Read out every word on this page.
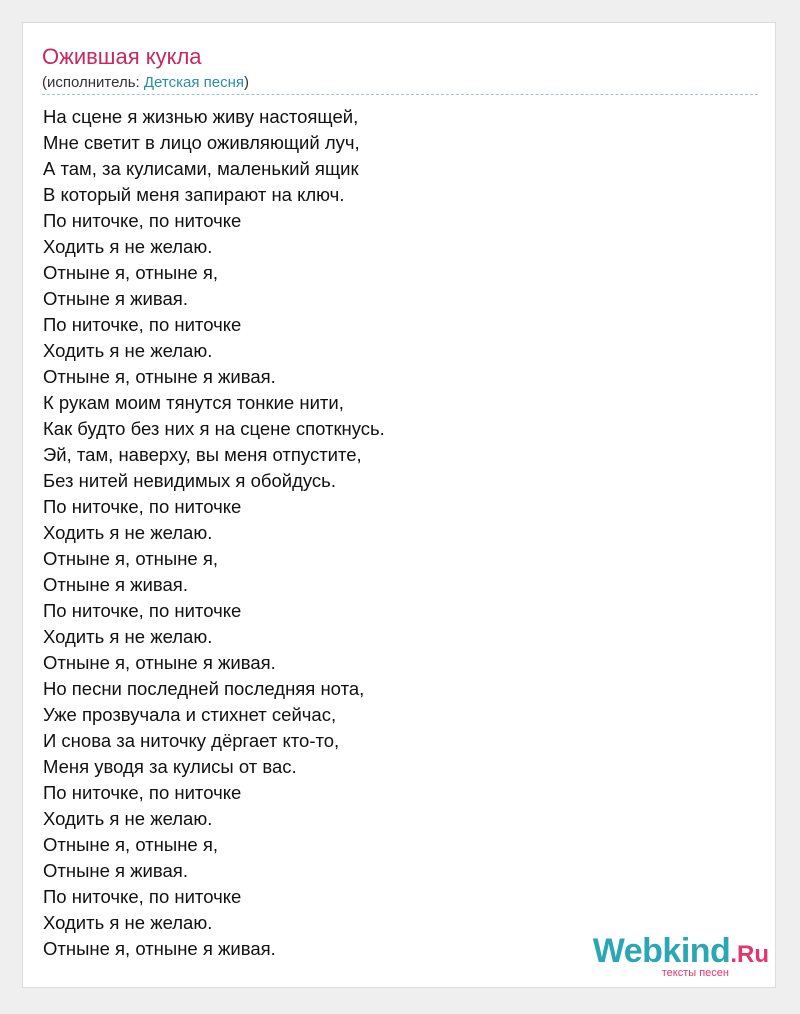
Ожившая кукла
(исполнитель: Детская песня)
На сцене я жизнью живу настоящей,
Мне светит в лицо оживляющий луч,
А там, за кулисами, маленький ящик
В который меня запирают на ключ.
По ниточке, по ниточке
Ходить я не желаю.
Отныне я, отныне я,
Отныне я живая.
По ниточке, по ниточке
Ходить я не желаю.
Отныне я, отныне я живая.
К рукам моим тянутся тонкие нити,
Как будто без них я на сцене споткнусь.
Эй, там, наверху, вы меня отпустите,
Без нитей невидимых я обойдусь.
По ниточке, по ниточке
Ходить я не желаю.
Отныне я, отныне я,
Отныне я живая.
По ниточке, по ниточке
Ходить я не желаю.
Отныне я, отныне я живая.
Но песни последней последняя нота,
Уже прозвучала и стихнет сейчас,
И снова за ниточку дёргает кто-то,
Меня уводя за кулисы от вас.
По ниточке, по ниточке
Ходить я не желаю.
Отныне я, отныне я,
Отныне я живая.
По ниточке, по ниточке
Ходить я не желаю.
Отныне я, отныне я живая.	Webkind.Ru
тексты песен
